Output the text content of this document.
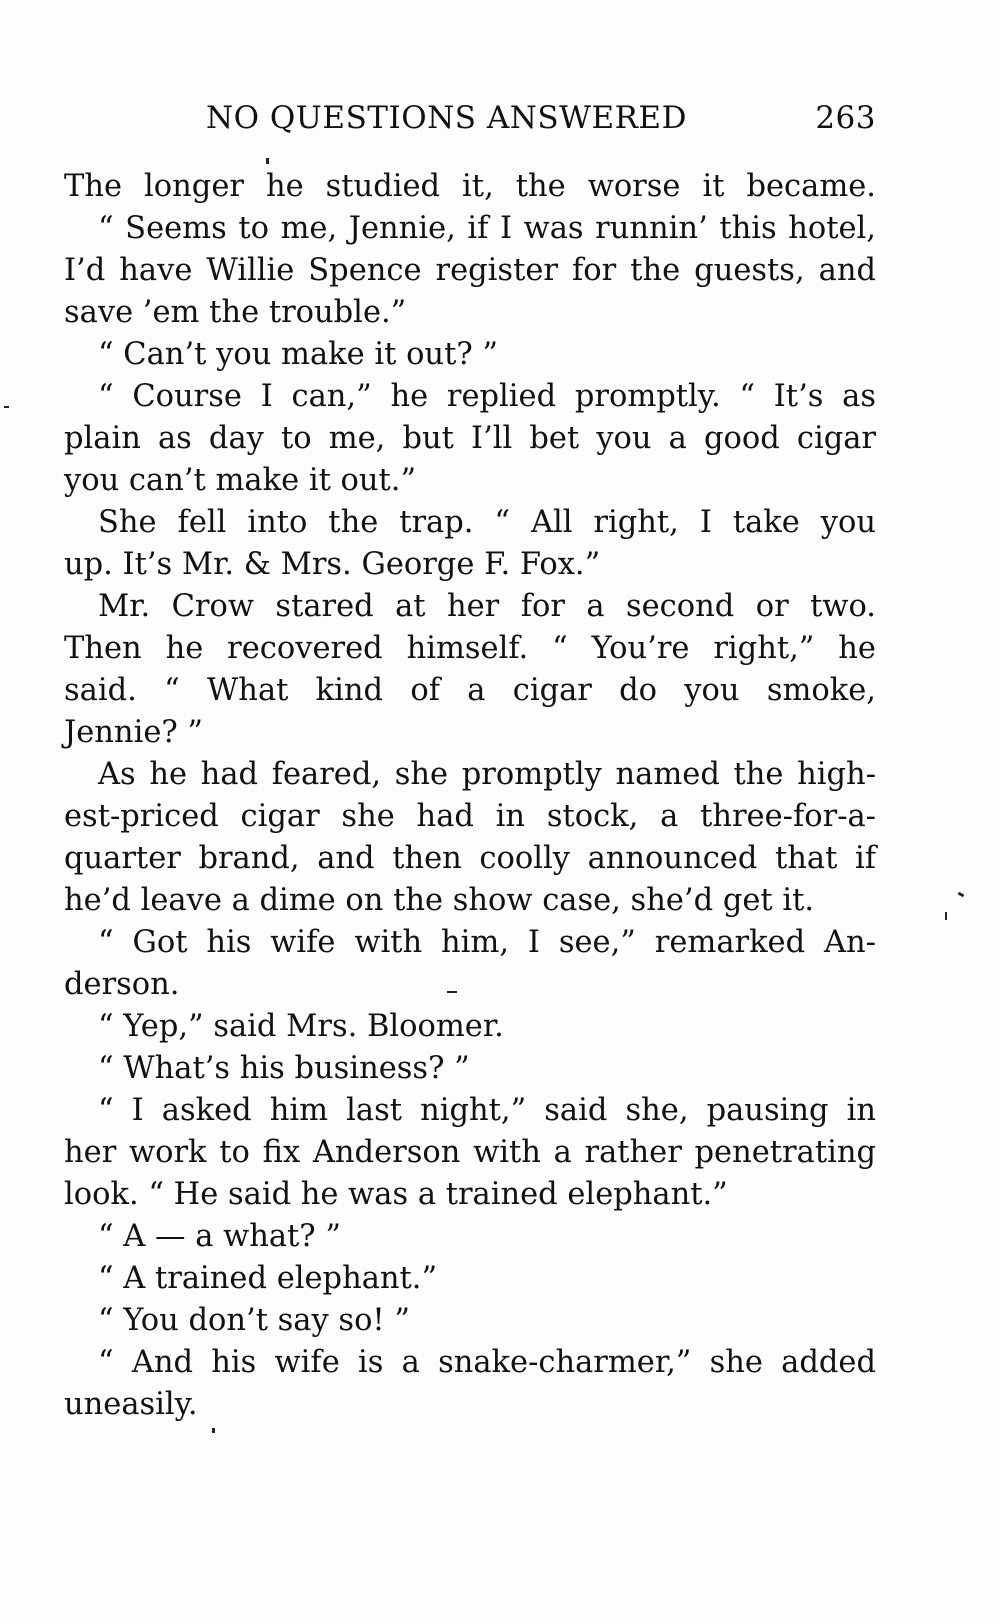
NO QUESTIONS ANSWERED	263
The longer he studied it, the worse it became.
“ Seems to me, Jennie, if I was runnin’ this hotel,
I’d have Willie Spence register for the guests, and
save ’em the trouble.”
“ Can’t you make it out? ”
“ Course I can,” he replied promptly. “ It’s as
plain as day to me, but I’ll bet you a good cigar
you can’t make it out.”
She fell into the trap. “ All right, I take you
up. It’s Mr. & Mrs. George F. Fox.”
Mr. Crow stared at her for a second or two.
Then he recovered himself. “ You’re right,” he
said. “ What kind of a cigar do you smoke,
Jennie? ”
As he had feared, she promptly named the high-
est-priced cigar she had in stock, a three-for-a-
quarter brand, and then coolly announced that if
he’d leave a dime on the show case, she’d get it.
“ Got his wife with him, I see,” remarked An-
derson.
“ Yep,” said Mrs. Bloomer.
“ What’s his business? ”
“ I asked him last night,” said she, pausing in
her work to fix Anderson with a rather penetrating
look. “ He said he was a trained elephant.”
“ A — a what? ”
“ A trained elephant.”
“ You don’t say so! ”
“ And his wife is a snake-charmer,” she added
uneasily.
